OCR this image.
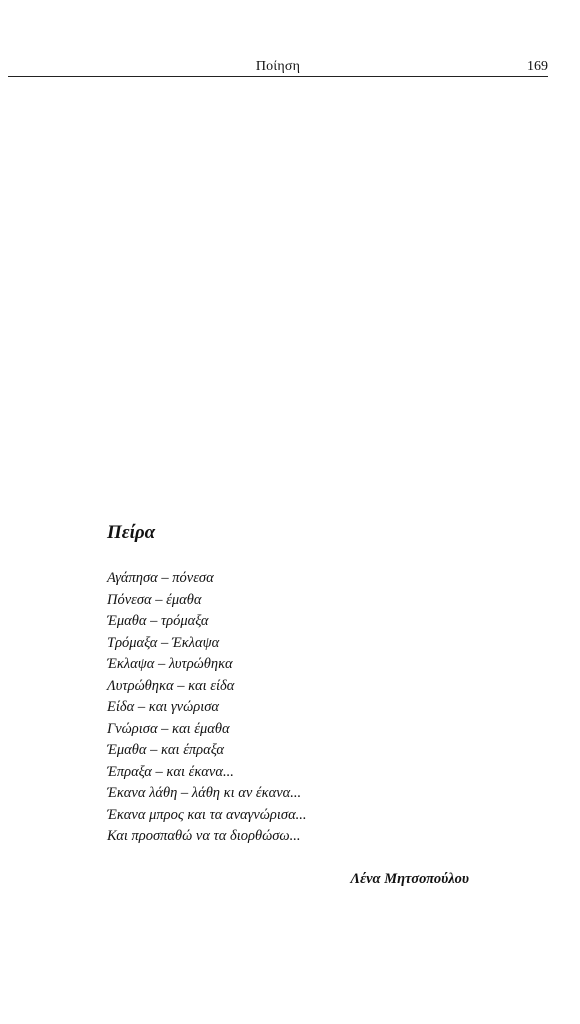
Ποίηση	169
Πείρα
Αγάπησα – πόνεσα
Πόνεσα – έμαθα
Έμαθα – τρόμαξα
Τρόμαξα – Έκλαψα
Έκλαψα – λυτρώθηκα
Λυτρώθηκα – και είδα
Είδα – και γνώρισα
Γνώρισα – και έμαθα
Έμαθα – και έπραξα
Έπραξα – και έκανα...
Έκανα λάθη – λάθη κι αν έκανα...
Έκανα μπρος και τα αναγνώρισα...
Και προσπαθώ να τα διορθώσω...
Λένα Μητσοπούλου
